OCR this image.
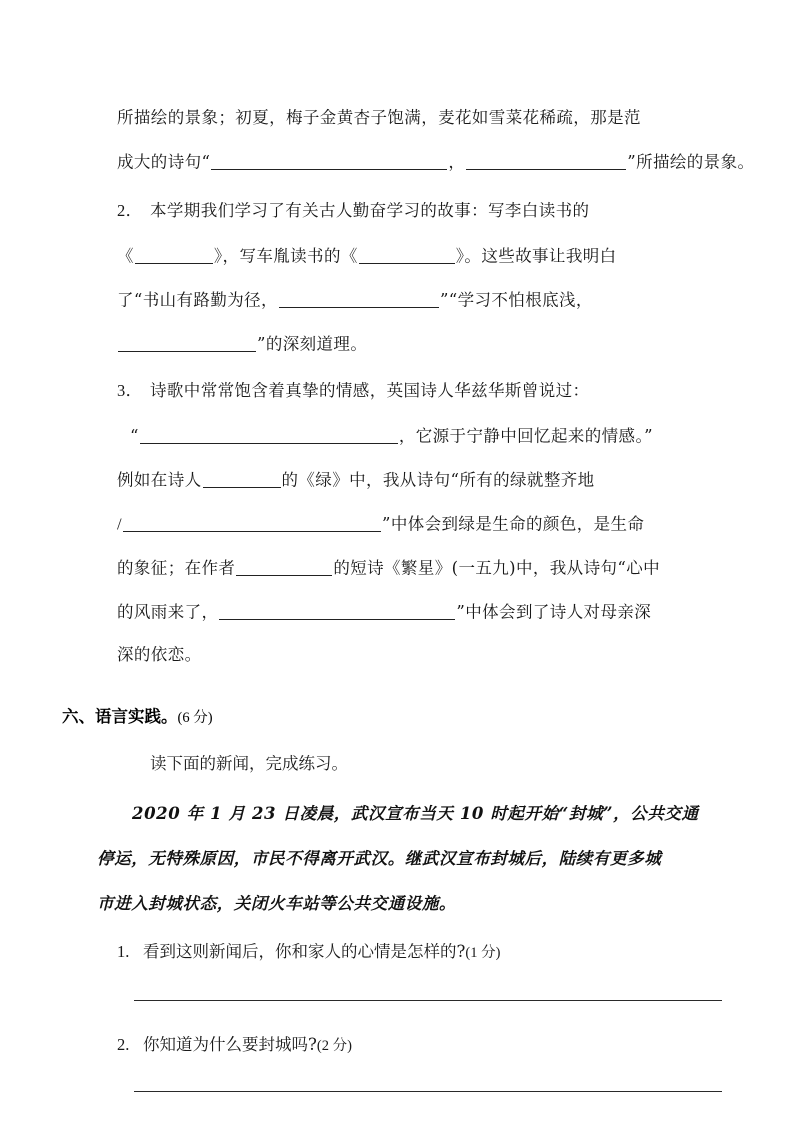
所描绘的景象；初夏，梅子金黄杏子饱满，麦花如雪菜花稀疏，那是范
成大的诗句“	，	”所描绘的景象。
2． 本学期我们学习了有关古人勤奋学习的故事：写李白读书的
《	》，写车胤读书的《	》。这些故事让我明白
了“书山有路勤为径，	”“学习不怕根底浅，
”的深刻道理。
3． 诗歌中常常饱含着真挚的情感，英国诗人华兹华斯曾说过：
“	，它源于宁静中回忆起来的情感。”
例如在诗人	的《绿》中，我从诗句“所有的绿就整齐地
/	”中体会到绿是生命的颜色，是生命
的象征；在作者	的短诗《繁星》(一五九)中，我从诗句“心中
的风雨来了，	”中体会到了诗人对母亲深
深的依恋。
六、语言实践。(6 分)
读下面的新闻，完成练习。
2020 年 1 月 23 日凌晨，武汉宣布当天 10 时起开始“封城”，公共交通
停运，无特殊原因，市民不得离开武汉。继武汉宣布封城后，陆续有更多城
市进入封城状态，关闭火车站等公共交通设施。
1. 看到这则新闻后，你和家人的心情是怎样的?(1 分)
2. 你知道为什么要封城吗?(2 分)
